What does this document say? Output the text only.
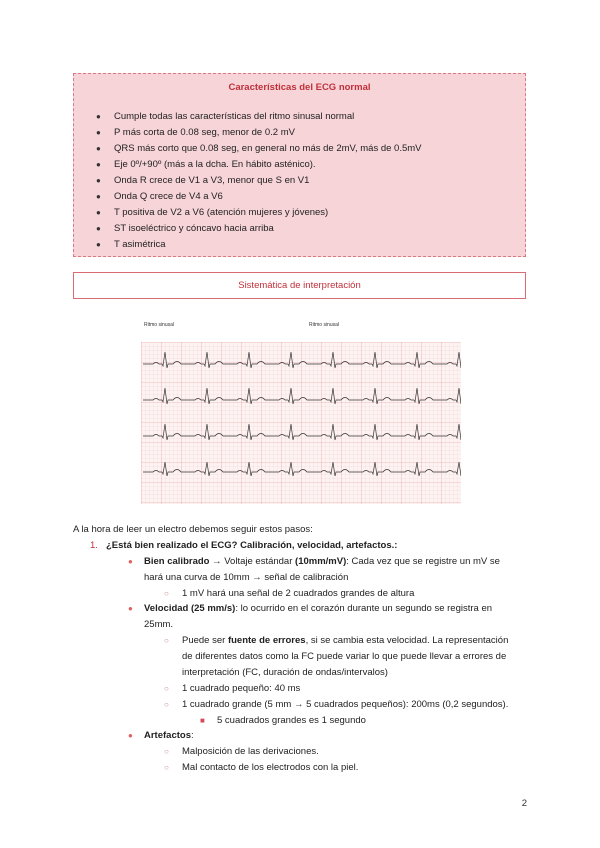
Características del ECG normal
● Cumple todas las características del ritmo sinusal normal
● P más corta de 0.08 seg, menor de 0.2 mV
● QRS más corto que 0.08 seg, en general no más de 2mV, más de 0.5mV
● Eje 0º/+90º (más a la dcha. En hábito asténico).
● Onda R crece de V1 a V3, menor que S en V1
● Onda Q crece de V4 a V6
● T positiva de V2 a V6 (atención mujeres y jóvenes)
● ST isoeléctrico y cóncavo hacia arriba
● T asimétrica
Sistemática de interpretación
Ritmo sinusal	Ritmo sinusal
A la hora de leer un electro debemos seguir estos pasos:
1. ¿Está bien realizado el ECG? Calibración, velocidad, artefactos.:
● Bien calibrado → Voltaje estándar (10mm/mV): Cada vez que se registre un mV se
hará una curva de 10mm → señal de calibración
○ 1 mV hará una señal de 2 cuadrados grandes de altura
● Velocidad (25 mm/s): lo ocurrido en el corazón durante un segundo se registra en
25mm.
○ Puede ser fuente de errores, si se cambia esta velocidad. La representación
de diferentes datos como la FC puede variar lo que puede llevar a errores de
interpretación (FC, duración de ondas/intervalos)
○ 1 cuadrado pequeño: 40 ms
○ 1 cuadrado grande (5 mm → 5 cuadrados pequeños): 200ms (0,2 segundos).
■ 5 cuadrados grandes es 1 segundo
● Artefactos:
○ Malposición de las derivaciones.
○ Mal contacto de los electrodos con la piel.
2
